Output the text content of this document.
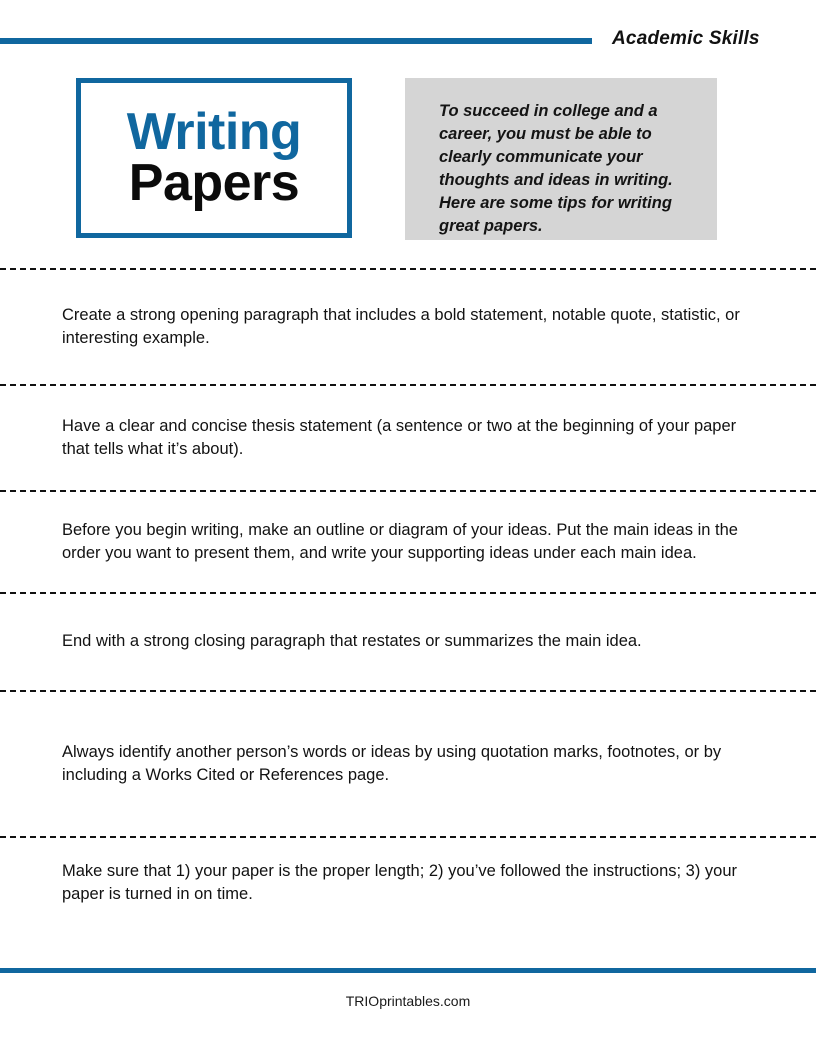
Academic Skills
Writing
Papers
To succeed in college and a career, you must be able to clearly communicate your thoughts and ideas in writing. Here are some tips for writing great papers.
Create a strong opening paragraph that includes a bold statement, notable quote, statistic, or interesting example.
Have a clear and concise thesis statement (a sentence or two at the beginning of your paper that tells what it’s about).
Before you begin writing, make an outline or diagram of your ideas. Put the main ideas in the order you want to present them, and write your supporting ideas under each main idea.
End with a strong closing paragraph that restates or summarizes the main idea.
Always identify another person’s words or ideas by using quotation marks, footnotes, or by including a Works Cited or References page.
Make sure that 1) your paper is the proper length; 2) you’ve followed the instructions; 3) your paper is turned in on time.
TRIOprintables.com
